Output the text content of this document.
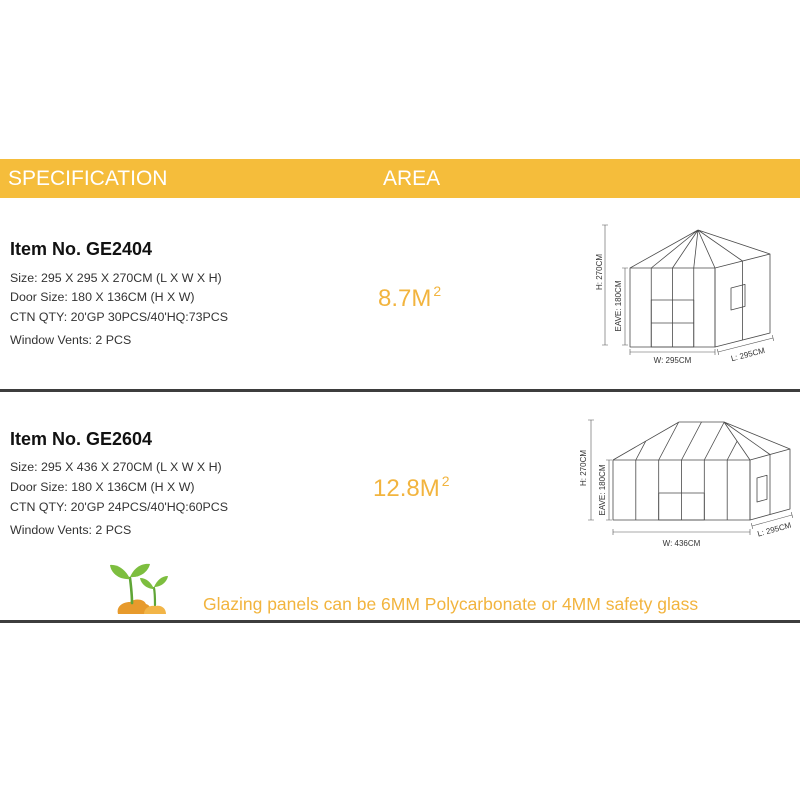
SPECIFICATION	AREA
Item No. GE2404
Size: 295 X 295 X 270CM (L X W X H)
Door Size: 180 X 136CM (H X W)
CTN QTY: 20'GP 30PCS/40'HQ:73PCS
Window Vents: 2 PCS
8.7M $^2$
H: 270CM
EAVE: 180CM
W: 295CM	L: 295CM
Item No. GE2604
Size: 295 X 436 X 270CM (L X W X H)
Door Size: 180 X 136CM (H X W)
CTN QTY: 20'GP 24PCS/40'HQ:60PCS
Window Vents: 2 PCS
12.8M $^2$	H: 270CM EAVE: 180CM
W: 436CM
L: 295CM
Glazing panels can be 6MM Polycarbonate or 4MM safety glass
